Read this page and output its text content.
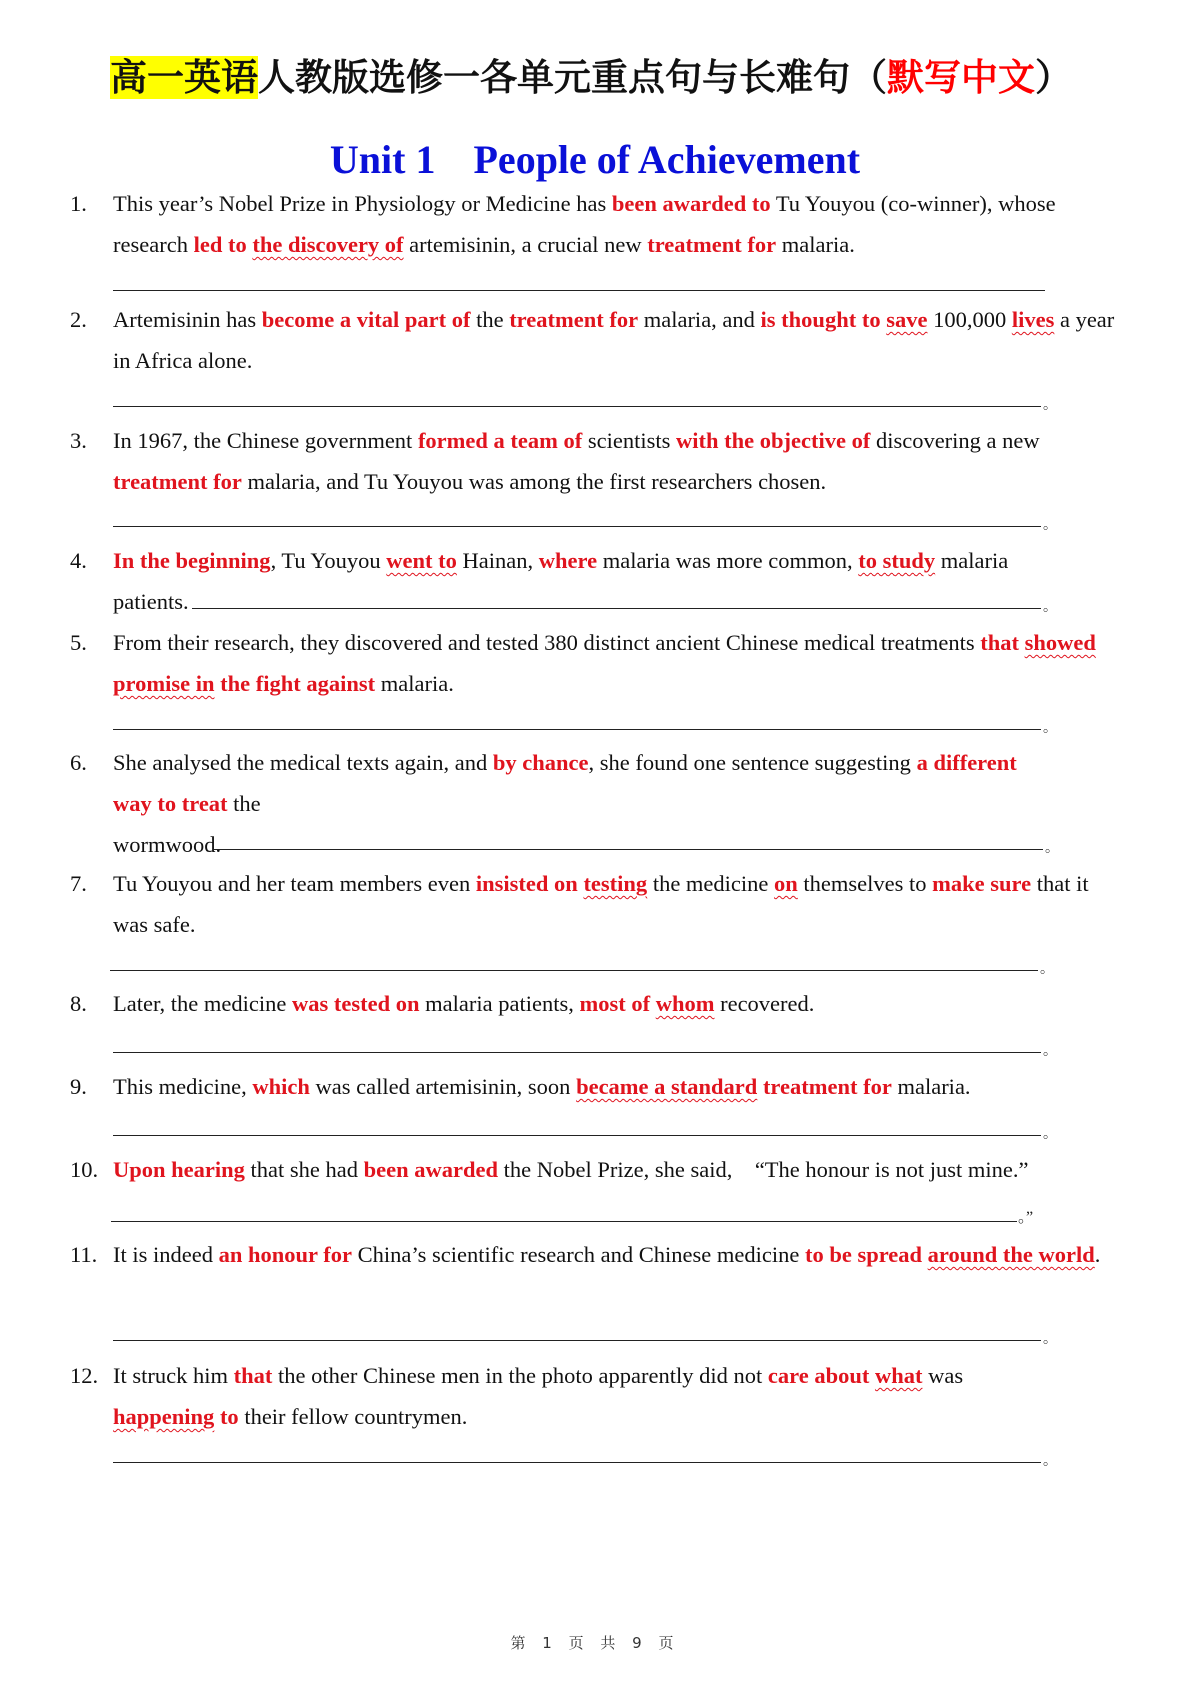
高一英语人教版选修一各单元重点句与长难句（默写中文）
Unit 1 People of Achievement
1. This year’s Nobel Prize in Physiology or Medicine has been awarded to Tu Youyou (co-winner), whose research led to the discovery of artemisinin, a crucial new treatment for malaria.
2. Artemisinin has become a vital part of the treatment for malaria, and is thought to save 100,000 lives a year in Africa alone.
。
3. In 1967, the Chinese government formed a team of scientists with the objective of discovering a new treatment for malaria, and Tu Youyou was among the first researchers chosen.
。
4. In the beginning, Tu Youyou went to Hainan, where malaria was more common, to study malaria patients.	。
5. From their research, they discovered and tested 380 distinct ancient Chinese medical treatments that showed promise in the fight against malaria.
。
6. She analysed the medical texts again, and by chance, she found one sentence suggesting a different way to treat the
wormwood.	。
7. Tu Youyou and her team members even insisted on testing the medicine on themselves to make sure that it was safe.
。
8. Later, the medicine was tested on malaria patients, most of whom recovered.
。
9. This medicine, which was called artemisinin, soon became a standard treatment for malaria.
。
10. Upon hearing that she had been awarded the Nobel Prize, she said,　“The honour is not just mine.”
。”
11. It is indeed an honour for China’s scientific research and Chinese medicine to be spread around the world.
。
12. It struck him that the other Chinese men in the photo apparently did not care about what was happening to their fellow countrymen.
。
第 1 页 共 9 页
